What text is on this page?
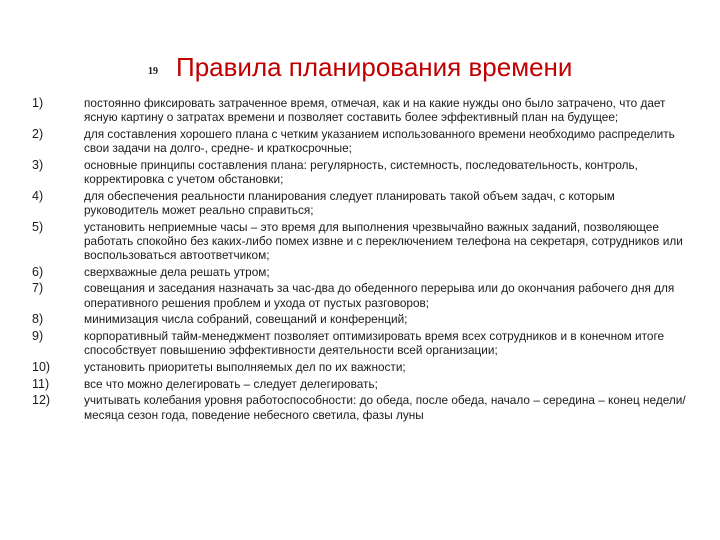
19 Правила планирования времени
1)	постоянно фиксировать затраченное время, отмечая, как и на какие нужды оно было затрачено, что дает ясную картину о затратах времени и позволяет составить более эффективный план на будущее;
2)	для составления хорошего плана с четким указанием использованного времени необходимо распределить свои задачи на долго-, средне- и краткосрочные;
3)	основные принципы составления плана: регулярность, системность, последовательность, контроль, корректировка с учетом обстановки;
4)	для обеспечения реальности планирования следует планировать такой объем задач, с которым руководитель может реально справиться;
5)	установить неприемные часы – это время для выполнения чрезвычайно важных заданий, позволяющее работать спокойно без каких-либо помех извне и с переключением телефона на секретаря, сотрудников или воспользоваться автоответчиком;
6)	сверхважные дела решать утром;
7)	совещания и заседания назначать за час-два до обеденного перерыва или до окончания рабочего дня для оперативного решения проблем и ухода от пустых разговоров;
8)	минимизация числа собраний, совещаний и конференций;
9)	корпоративный тайм-менеджмент позволяет оптимизировать время всех сотрудников и в конечном итоге способствует повышению эффективности деятельности всей организации;
10)	установить приоритеты выполняемых дел по их важности;
11)	все что можно делегировать – следует делегировать;
12)	учитывать колебания уровня работоспособности: до обеда, после обеда, начало – середина – конец недели/месяца сезон года, поведение небесного светила, фазы луны
